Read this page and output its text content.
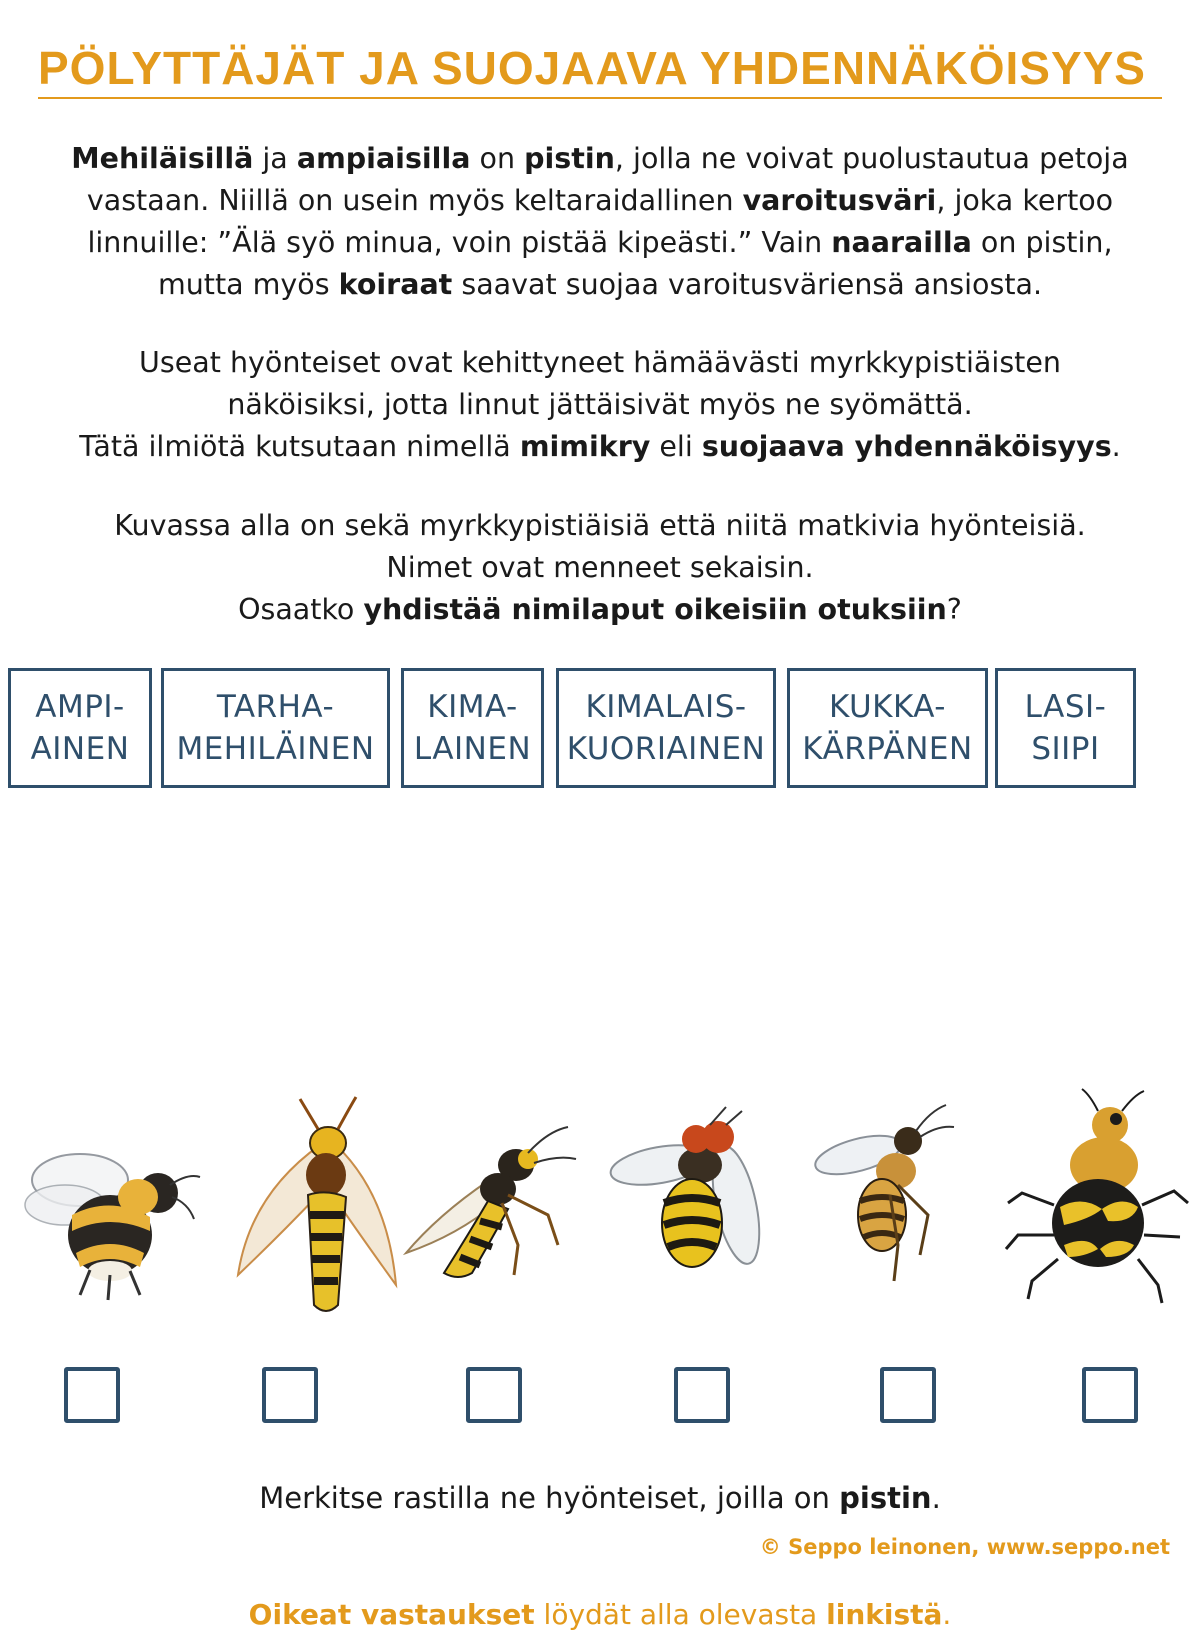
PÖLYTTÄJÄT JA SUOJAAVA YHDENNÄKÖISYYS

Mehiläisillä ja ampiaisilla on pistin, jolla ne voivat puolustautua petoja
vastaan. Niillä on usein myös keltaraidallinen varoitusväri, joka kertoo
linnuille: ”Älä syö minua, voin pistää kipeästi.” Vain naarailla on pistin,
mutta myös koiraat saavat suojaa varoitusväriensä ansiosta.

Useat hyönteiset ovat kehittyneet hämäävästi myrkkypistiäisten
näköisiksi, jotta linnut jättäisivät myös ne syömättä.
Tätä ilmiötä kutsutaan nimellä mimikry eli suojaava yhdennäköisyys.

Kuvassa alla on sekä myrkkypistiäisiä että niitä matkivia hyönteisiä.
Nimet ovat menneet sekaisin.
Osaatko yhdistää nimilaput oikeisiin otuksiin?

AMPI-
AINEN
TARHA-
MEHILÄINEN
KIMA-
LAINEN
KIMALAIS-
KUORIAINEN
KUKKA-
KÄRPÄNEN
LASI-
SIIPI

Merkitse rastilla ne hyönteiset, joilla on pistin.

© Seppo leinonen, www.seppo.net

Oikeat vastaukset löydät alla olevasta linkistä.
